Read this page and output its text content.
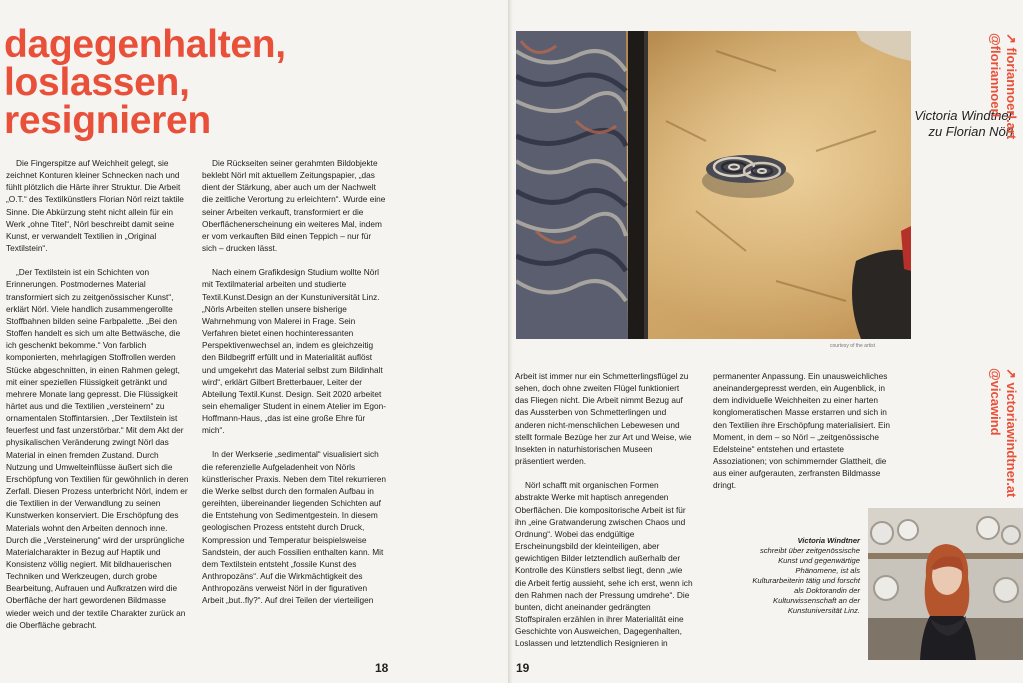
dagegenhalten,
loslassen,
resignieren	Victoria Windtner
zu Florian Nörl

Die Fingerspitze auf Weichheit gelegt, sie zeichnet Konturen kleiner Schnecken nach und fühlt plötzlich die Härte ihrer Struktur. Die Arbeit „O.T.“ des Textilkünstlers Florian Nörl reizt taktile Sinne. Die Abkürzung steht nicht allein für ein Werk „ohne Titel“, Nörl beschreibt damit seine Kunst, er verwandelt Textilien in „Original Textilstein“.

„Der Textilstein ist ein Schichten von Erinnerungen. Postmodernes Material transformiert sich zu zeitgenössischer Kunst“, erklärt Nörl. Viele handlich zusammengerollte Stoffbahnen bilden seine Farbpalette. „Bei den Stoffen handelt es sich um alte Bettwäsche, die ich geschenkt bekomme.“ Von farblich komponierten, mehrlagigen Stoffrollen werden Stücke abgeschnitten, in einen Rahmen gelegt, mit einer speziellen Flüssigkeit getränkt und mehrere Monate lang gepresst. Die Flüssigkeit härtet aus und die Textilien „versteinern“ zu ornamentalen Stoffintarsien. „Der Textilstein ist feuerfest und fast unzerstörbar.“ Mit dem Akt der physikalischen Veränderung zwingt Nörl das Material in einen fremden Zustand. Durch Nutzung und Umwelteinflüsse äußert sich die Erschöpfung von Textilien für gewöhnlich in deren Zerfall. Diesen Prozess unterbricht Nörl, indem er die Textilien in der Verwandlung zu seinen Kunstwerken konserviert. Die Erschöpfung des Materials wohnt den Arbeiten dennoch inne. Durch die „Versteinerung“ wird der ursprüngliche Materialcharakter in Bezug auf Haptik und Konsistenz völlig negiert. Mit bildhauerischen Techniken und Werkzeugen, durch grobe Bearbeitung, Aufrauen und Aufkratzen wird die Oberfläche der hart gewordenen Bildmasse wieder weich und der textile Charakter zurück an die Oberfläche gebracht.

Die Rückseiten seiner gerahmten Bildobjekte beklebt Nörl mit aktuellem Zeitungspapier, „das dient der Stärkung, aber auch um der Nachwelt die zeitliche Verortung zu erleichtern“. Wurde eine seiner Arbeiten verkauft, transformiert er die Oberflächenerscheinung ein weiteres Mal, indem er vom verkauften Bild einen Teppich – nur für sich – drucken lässt.

Nach einem Grafikdesign Studium wollte Nörl mit Textilmaterial arbeiten und studierte Textil.Kunst.Design an der Kunstuniversität Linz. „Nörls Arbeiten stellen unsere bisherige Wahrnehmung von Malerei in Frage. Sein Verfahren bietet einen hochinteressanten Perspektivenwechsel an, indem es gleichzeitig den Bildbegriff erfüllt und in Materialität auflöst und umgekehrt das Material selbst zum Bildinhalt wird“, erklärt Gilbert Bretterbauer, Leiter der Abteilung Textil.Kunst. Design. Seit 2020 arbeitet sein ehemaliger Student in einem Atelier im Egon-Hoffmann-Haus, „das ist eine große Ehre für mich“.

In der Werkserie „sedimental“ visualisiert sich die referenzielle Aufgeladenheit von Nörls künstlerischer Praxis. Neben dem Titel rekurrieren die Werke selbst durch den formalen Aufbau in gereihten, übereinander liegenden Schichten auf die Entstehung von Sedimentgestein. In diesem geologischen Prozess entsteht durch Druck, Kompression und Temperatur beispielsweise Sandstein, der auch Fossilien enthalten kann. Mit dem Textilstein entsteht „fossile Kunst des Anthropozäns“. Auf die Wirkmächtigkeit des Anthropozäns verweist Nörl in der figurativen Arbeit „but..fly?“. Auf drei Teilen der vierteiligen

18
courtesy of the artist
↗ floriannoerl.art
@floriannoerl

Arbeit ist immer nur ein Schmetterlingsflügel zu sehen, doch ohne zweiten Flügel funktioniert das Fliegen nicht. Die Arbeit nimmt Bezug auf das Aussterben von Schmetterlingen und anderen nicht-menschlichen Lebewesen und stellt formale Bezüge her zur Art und Weise, wie Insekten in naturhistorischen Museen präsentiert werden.

Nörl schafft mit organischen Formen abstrakte Werke mit haptisch anregenden Oberflächen. Die kompositorische Arbeit ist für ihn „eine Gratwanderung zwischen Chaos und Ordnung“. Wobei das endgültige Erscheinungsbild der kleinteiligen, aber gewichtigen Bilder letztendlich außerhalb der Kontrolle des Künstlers selbst liegt, denn „wie die Arbeit fertig aussieht, sehe ich erst, wenn ich den Rahmen nach der Pressung umdrehe“. Die bunten, dicht aneinander gedrängten Stoffspiralen erzählen in ihrer Materialität eine Geschichte von Ausweichen, Dagegenhalten, Loslassen und letztendlich Resignieren in

permanenter Anpassung. Ein unausweichliches aneinandergepresst werden, ein Augenblick, in dem individuelle Weichheiten zu einer harten konglomeratischen Masse erstarren und sich in den Textilien ihre Erschöpfung materialisiert. Ein Moment, in dem – so Nörl – „zeitgenössische Edelsteine“ entstehen und ertastete Assoziationen; von schimmernder Glattheit, die aus einer aufgerauten, zerfransten Bildmasse dringt.	↗ victoriawindtner.at
@vicawind
Victoria Windtner
schreibt über zeitgenössische Kunst und gegenwärtige Phänomene, ist als Kulturarbeiterin tätig und forscht als Doktorandin der Kulturwissenschaft an der Kunstuniversität Linz.
19
